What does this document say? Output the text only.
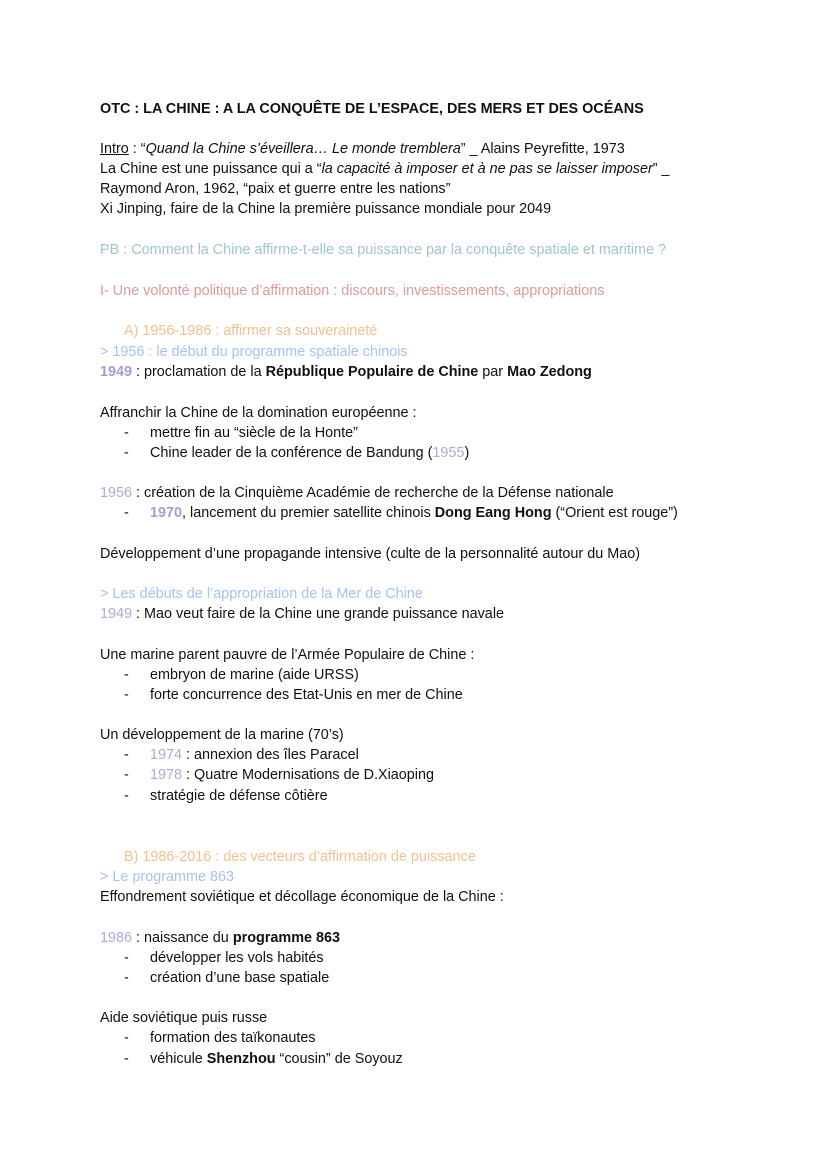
OTC : LA CHINE : A LA CONQUÊTE DE L’ESPACE, DES MERS ET DES OCÉANS
Intro : “Quand la Chine s’éveillera… Le monde tremblera” _ Alains Peyrefitte, 1973
La Chine est une puissance qui a “la capacité à imposer et à ne pas se laisser imposer” _
Raymond Aron, 1962, “paix et guerre entre les nations”
Xi Jinping, faire de la Chine la première puissance mondiale pour 2049
PB : Comment la Chine affirme-t-elle sa puissance par la conquête spatiale et maritime ?
I- Une volonté politique d’affirmation : discours, investissements, appropriations
A) 1956-1986 : affirmer sa souveraineté
> 1956 : le début du programme spatiale chinois
1949 : proclamation de la République Populaire de Chine par Mao Zedong
Affranchir la Chine de la domination européenne :
- mettre fin au “siècle de la Honte”
- Chine leader de la conférence de Bandung (1955)
1956 : création de la Cinquième Académie de recherche de la Défense nationale
- 1970, lancement du premier satellite chinois Dong Eang Hong (“Orient est rouge”)
Développement d’une propagande intensive (culte de la personnalité autour du Mao)
> Les débuts de l’appropriation de la Mer de Chine
1949 : Mao veut faire de la Chine une grande puissance navale
Une marine parent pauvre de l’Armée Populaire de Chine :
- embryon de marine (aide URSS)
- forte concurrence des Etat-Unis en mer de Chine
Un développement de la marine (70’s)
- 1974 : annexion des îles Paracel
- 1978 : Quatre Modernisations de D.Xiaoping
- stratégie de défense côtière
B) 1986-2016 : des vecteurs d’affirmation de puissance
> Le programme 863
Effondrement soviétique et décollage économique de la Chine :
1986 : naissance du programme 863
- développer les vols habités
- création d’une base spatiale
Aide soviétique puis russe
- formation des taïkonautes
- véhicule Shenzhou “cousin” de Soyouz
